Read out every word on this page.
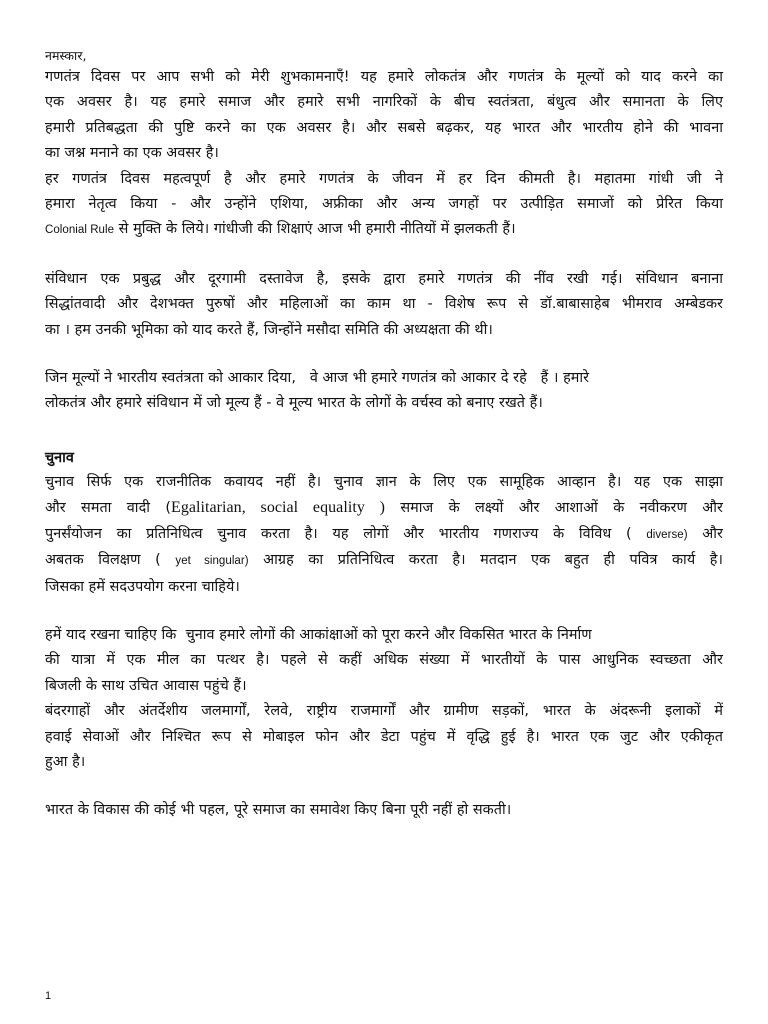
नमस्कार,
गणतंत्र दिवस पर आप सभी को मेरी शुभकामनाएँ! यह हमारे लोकतंत्र और गणतंत्र के मूल्यों को याद करने का
एक अवसर है। यह हमारे समाज और हमारे सभी नागरिकों के बीच स्वतंत्रता, बंधुत्व और समानता के लिए
हमारी प्रतिबद्धता की पुष्टि करने का एक अवसर है। और सबसे बढ़कर, यह भारत और भारतीय होने की भावना
का जश्न मनाने का एक अवसर है।
हर गणतंत्र दिवस महत्वपूर्ण है और हमारे गणतंत्र के जीवन में हर दिन कीमती है। महातमा गांधी जी ने
हमारा नेतृत्व किया - और उन्होंने एशिया, अफ्रीका और अन्य जगहों पर उत्पीड़ित समाजों को प्रेरित किया
Colonial Rule से मुक्ति के लिये। गांधीजी की शिक्षाएं आज भी हमारी नीतियों में झलकती हैं।
संविधान एक प्रबुद्ध और दूरगामी दस्तावेज है, इसके द्वारा हमारे गणतंत्र की नींव रखी गई। संविधान बनाना
सिद्धांतवादी और देशभक्त पुरुषों और महिलाओं का काम था - विशेष रूप से डॉ.बाबासाहेब भीमराव अम्बेडकर
का । हम उनकी भूमिका को याद करते हैं, जिन्होंने मसौदा समिति की अध्यक्षता की थी।
जिन मूल्यों ने भारतीय स्वतंत्रता को आकार दिया,   वे आज भी हमारे गणतंत्र को आकार दे रहे   हैं । हमारे
लोकतंत्र और हमारे संविधान में जो मूल्य हैं - वे मूल्य भारत के लोगों के वर्चस्व को बनाए रखते हैं।
चुनाव
चुनाव सिर्फ एक राजनीतिक कवायद नहीं है। चुनाव ज्ञान के लिए एक सामूहिक आव्हान है। यह एक साझा
और समता वादी (Egalitarian, social equality ) समाज के लक्ष्यों और आशाओं के नवीकरण और
पुनर्संयोजन का प्रतिनिधित्व चुनाव करता है। यह लोगों और भारतीय गणराज्य के विविध ( diverse) और
अबतक विलक्षण ( yet singular) आग्रह का प्रतिनिधित्व करता है। मतदान एक बहुत ही पवित्र कार्य है।
जिसका हमें सदउपयोग करना चाहिये।
हमें याद रखना चाहिए कि  चुनाव हमारे लोगों की आकांक्षाओं को पूरा करने और विकसित भारत के निर्माण
की यात्रा में एक मील का पत्थर है। पहले से कहीं अधिक संख्या में भारतीयों के पास आधुनिक स्वच्छता और
बिजली के साथ उचित आवास पहुंचे हैं।
बंदरगाहों और अंतर्देशीय जलमार्गों, रेलवे, राष्ट्रीय राजमार्गों और ग्रामीण सड़कों, भारत के अंदरूनी इलाकों में
हवाई सेवाओं और निश्चित रूप से मोबाइल फोन और डेटा पहुंच में वृद्धि हुई है। भारत एक जुट और एकीकृत
हुआ है।
भारत के विकास की कोई भी पहल, पूरे समाज का समावेश किए बिना पूरी नहीं हो सकती।
1
